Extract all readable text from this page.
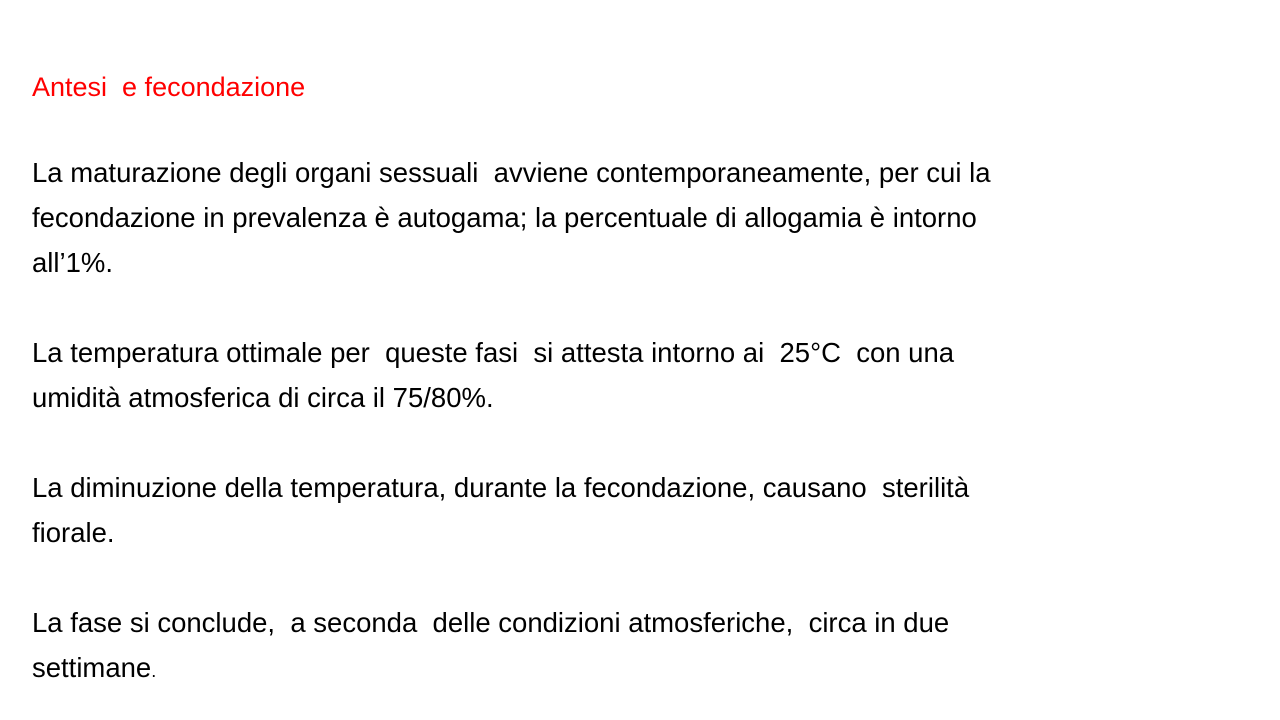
Antesi  e fecondazione

La maturazione degli organi sessuali  avviene contemporaneamente, per cui la
fecondazione in prevalenza è autogama; la percentuale di allogamia è intorno
all’1%.

La temperatura ottimale per  queste fasi  si attesta intorno ai  25°C  con una
umidità atmosferica di circa il 75/80%.

La diminuzione della temperatura, durante la fecondazione, causano  sterilità
fiorale.

La fase si conclude,  a seconda  delle condizioni atmosferiche,  circa in due
settimane.
